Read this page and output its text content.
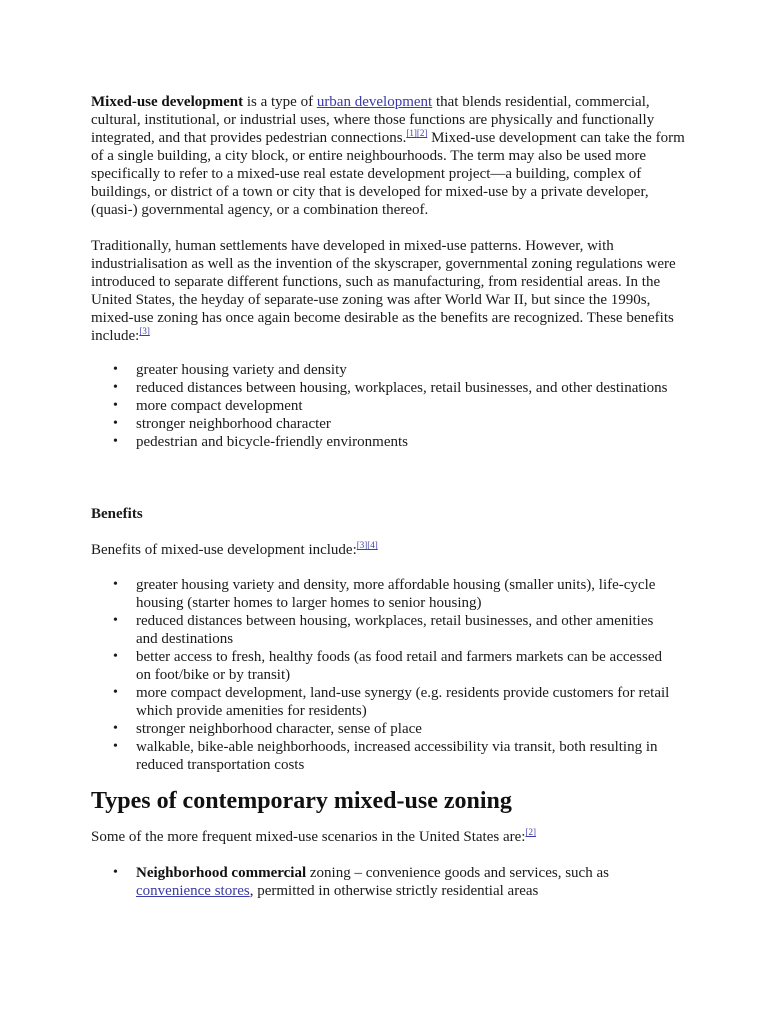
Mixed-use development is a type of urban development that blends residential, commercial, cultural, institutional, or industrial uses, where those functions are physically and functionally integrated, and that provides pedestrian connections.[1][2] Mixed-use development can take the form of a single building, a city block, or entire neighbourhoods. The term may also be used more specifically to refer to a mixed-use real estate development project—a building, complex of buildings, or district of a town or city that is developed for mixed-use by a private developer, (quasi-) governmental agency, or a combination thereof.

Traditionally, human settlements have developed in mixed-use patterns. However, with industrialisation as well as the invention of the skyscraper, governmental zoning regulations were introduced to separate different functions, such as manufacturing, from residential areas. In the United States, the heyday of separate-use zoning was after World War II, but since the 1990s, mixed-use zoning has once again become desirable as the benefits are recognized. These benefits include:[3]

• greater housing variety and density
• reduced distances between housing, workplaces, retail businesses, and other destinations
• more compact development
• stronger neighborhood character
• pedestrian and bicycle-friendly environments

Benefits

Benefits of mixed-use development include:[3][4]

• greater housing variety and density, more affordable housing (smaller units), life-cycle housing (starter homes to larger homes to senior housing)
• reduced distances between housing, workplaces, retail businesses, and other amenities and destinations
• better access to fresh, healthy foods (as food retail and farmers markets can be accessed on foot/bike or by transit)
• more compact development, land-use synergy (e.g. residents provide customers for retail which provide amenities for residents)
• stronger neighborhood character, sense of place
• walkable, bike-able neighborhoods, increased accessibility via transit, both resulting in reduced transportation costs
Types of contemporary mixed-use zoning

Some of the more frequent mixed-use scenarios in the United States are:[2]

• Neighborhood commercial zoning – convenience goods and services, such as convenience stores, permitted in otherwise strictly residential areas
